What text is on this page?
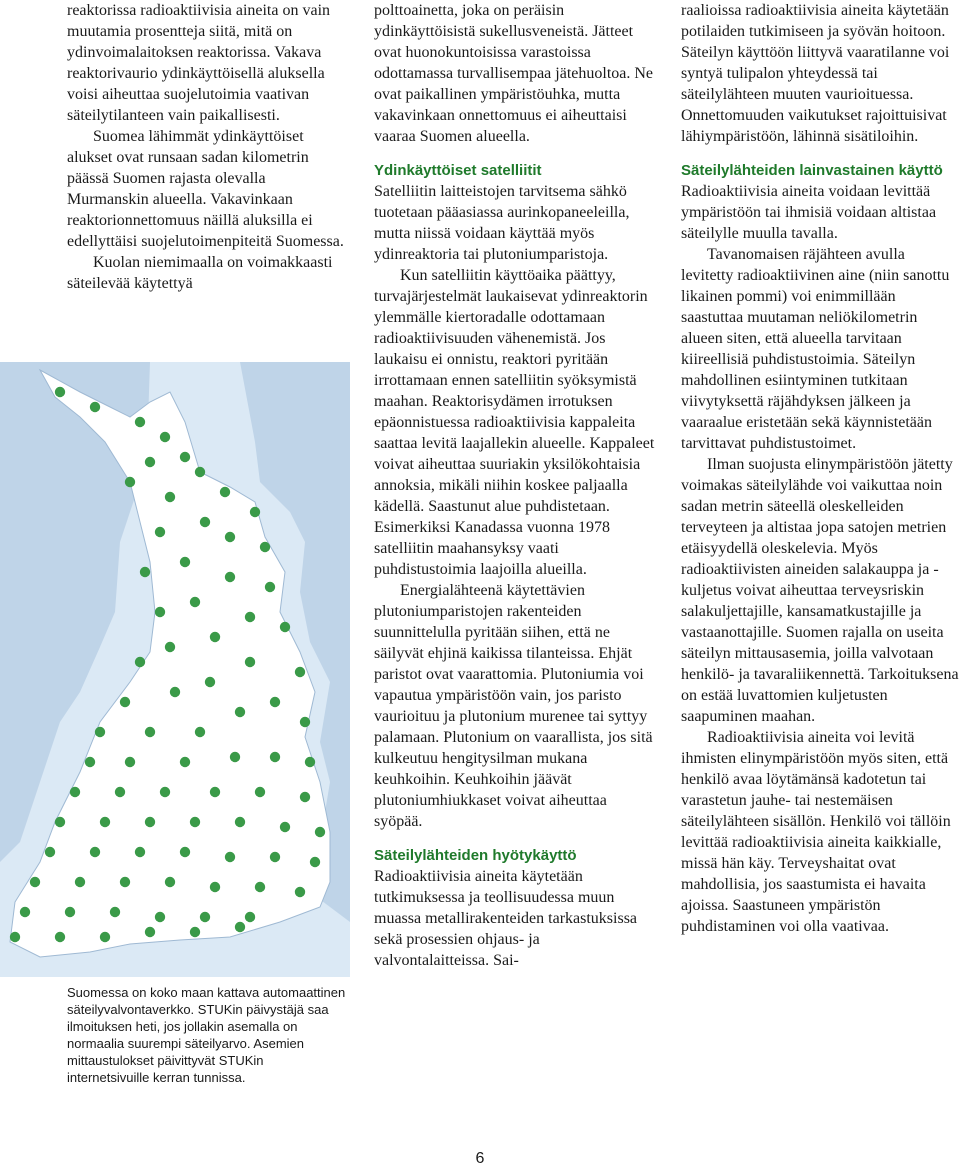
reaktorissa radioaktiivisia aineita on vain muutamia prosentteja siitä, mitä on ydinvoimalaitoksen reaktorissa. Vakava reaktorivaurio ydinkäyttöisellä aluksella voisi aiheuttaa suojelutoimia vaativan säteilytilanteen vain paikallisesti.

Suomea lähimmät ydinkäyttöiset alukset ovat runsaan sadan kilometrin päässä Suomen rajasta olevalla Murmanskin alueella. Vakavinkaan reaktorionnettomuus näillä aluksilla ei edellyttäisi suojelutoimenpiteitä Suomessa.

Kuolan niemimaalla on voimakkaasti säteilevää käytettyä

Suomessa on koko maan kattava automaattinen säteilyvalvontaverkko. STUKin päivystäjä saa ilmoituksen heti, jos jollakin asemalla on normaalia suurempi säteilyarvo. Asemien mittaustulokset päivittyvät STUKin internetsivuille kerran tunnissa.

polttoainetta, joka on peräisin ydinkäyttöisistä sukellusveneistä. Jätteet ovat huonokuntoisissa varastoissa odottamassa turvallisempaa jätehuoltoa. Ne ovat paikallinen ympäristöuhka, mutta vakavinkaan onnettomuus ei aiheuttaisi vaaraa Suomen alueella.

Ydinkäyttöiset satelliitit

Satelliitin laitteistojen tarvitsema sähkö tuotetaan pääasiassa aurinkopaneeleilla, mutta niissä voidaan käyttää myös ydinreaktoria tai plutoniumparistoja.

Kun satelliitin käyttöaika päättyy, turvajärjestelmät laukaisevat ydinreaktorin ylemmälle kiertoradalle odottamaan radioaktiivisuuden vähenemistä. Jos laukaisu ei onnistu, reaktori pyritään irrottamaan ennen satelliitin syöksymistä maahan. Reaktorisydämen irrotuksen epäonnistuessa radioaktiivisia kappaleita saattaa levitä laajallekin alueelle. Kappaleet voivat aiheuttaa suuriakin yksilökohtaisia annoksia, mikäli niihin koskee paljaalla kädellä. Saastunut alue puhdistetaan. Esimerkiksi Kanadassa vuonna 1978 satelliitin maahansyksy vaati puhdistustoimia laajoilla alueilla.

Energialähteenä käytettävien plutoniumparistojen rakenteiden suunnittelulla pyritään siihen, että ne säilyvät ehjinä kaikissa tilanteissa. Ehjät paristot ovat vaarattomia. Plutoniumia voi vapautua ympäristöön vain, jos paristo vaurioituu ja plutonium murenee tai syttyy palamaan. Plutonium on vaarallista, jos sitä kulkeutuu hengitysilman mukana keuhkoihin. Keuhkoihin jäävät plutoniumhiukkaset voivat aiheuttaa syöpää.

Säteilylähteiden hyötykäyttö

Radioaktiivisia aineita käytetään tutkimuksessa ja teollisuudessa muun muassa metallirakenteiden tarkastuksissa sekä prosessien ohjaus- ja valvontalaitteissa. Sai-

raalioissa radioaktiivisia aineita käytetään potilaiden tutkimiseen ja syövän hoitoon. Säteilyn käyttöön liittyvä vaaratilanne voi syntyä tulipalon yhteydessä tai säteilylähteen muuten vaurioituessa. Onnettomuuden vaikutukset rajoittuisivat lähiympäristöön, lähinnä sisätiloihin.

Säteilylähteiden lainvastainen käyttö

Radioaktiivisia aineita voidaan levittää ympäristöön tai ihmisiä voidaan altistaa säteilylle muulla tavalla.

Tavanomaisen räjähteen avulla levitetty radioaktiivinen aine (niin sanottu likainen pommi) voi enimmillään saastuttaa muutaman neliökilometrin alueen siten, että alueella tarvitaan kiireellisiä puhdistustoimia. Säteilyn mahdollinen esiintyminen tutkitaan viivytyksettä räjähdyksen jälkeen ja vaaraalue eristetään sekä käynnistetään tarvittavat puhdistustoimet.

Ilman suojusta elinympäristöön jätetty voimakas säteilylähde voi vaikuttaa noin sadan metrin säteellä oleskelleiden terveyteen ja altistaa jopa satojen metrien etäisyydellä oleskeleviа. Myös radioaktiivisten aineiden salakauppa ja -kuljetus voivat aiheuttaa terveysriskin salakuljettajille, kansamatkustajille ja vastaanottajille. Suomen rajalla on useita säteilyn mittausasemia, joilla valvotaan henkilö- ja tavaraliikennettä. Tarkoituksena on estää luvattomien kuljetusten saapuminen maahan.

Radioaktiivisia aineita voi levitä ihmisten elinympäristöön myös siten, että henkilö avaa löytämänsä kadotetun tai varastetun jauhe- tai nestemäisen säteilylähteen sisällön. Henkilö voi tällöin levittää radioaktiivisia aineita kaikkialle, missä hän käy. Terveyshaitat ovat mahdollisia, jos saastumista ei havaita ajoissa. Saastuneen ympäristön puhdistaminen voi olla vaativaa.

6
